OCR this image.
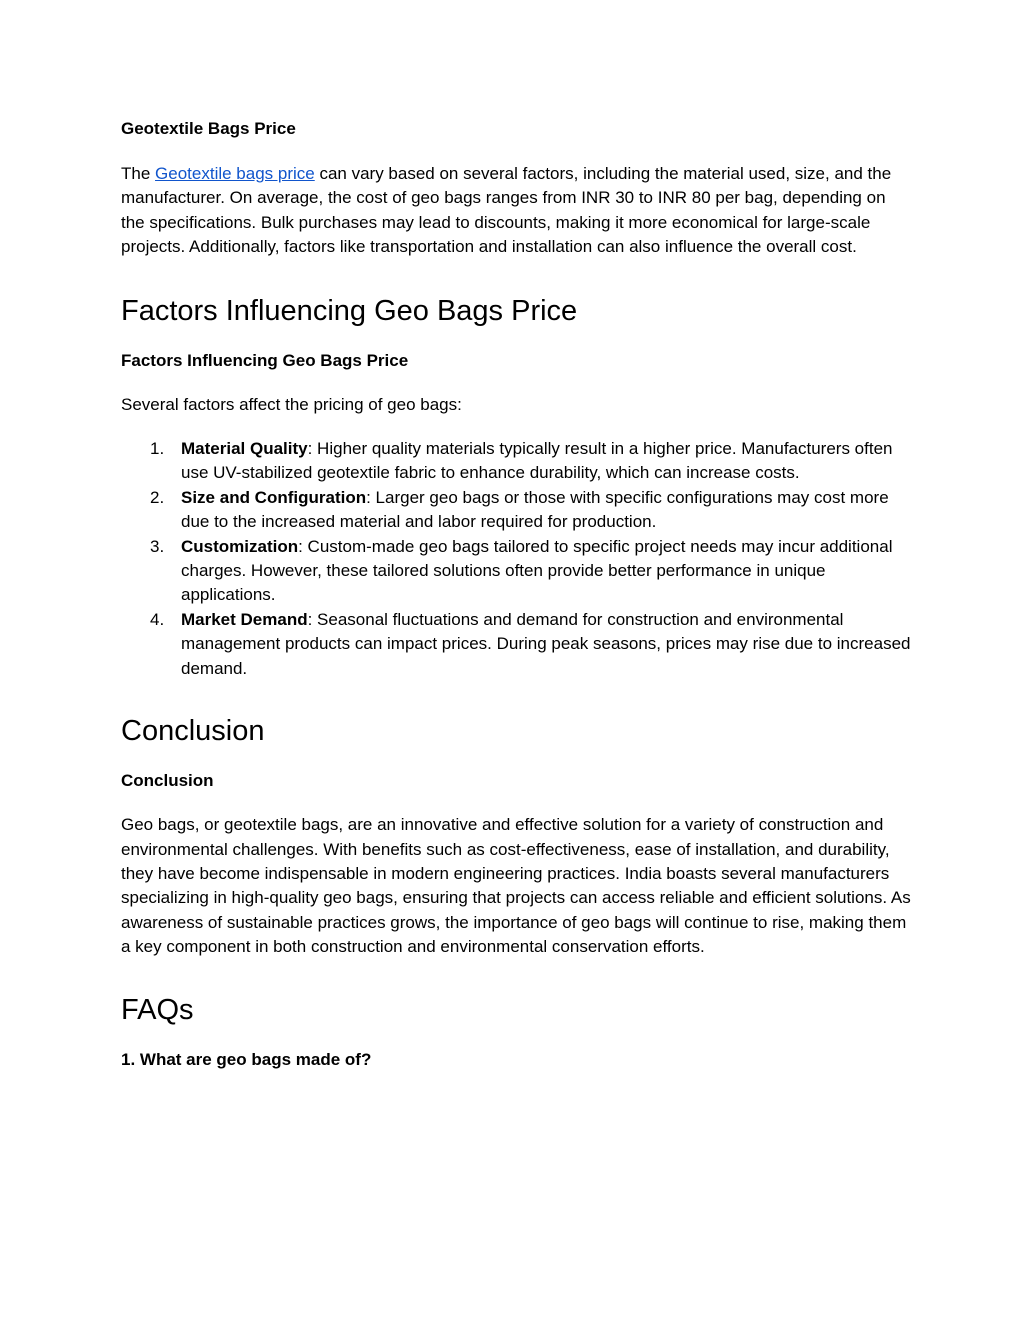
Geotextile Bags Price

The Geotextile bags price can vary based on several factors, including the material used, size, and the manufacturer. On average, the cost of geo bags ranges from INR 30 to INR 80 per bag, depending on the specifications. Bulk purchases may lead to discounts, making it more economical for large-scale projects. Additionally, factors like transportation and installation can also influence the overall cost.

Factors Influencing Geo Bags Price
Factors Influencing Geo Bags Price

Several factors affect the pricing of geo bags:

1. Material Quality: Higher quality materials typically result in a higher price. Manufacturers often use UV-stabilized geotextile fabric to enhance durability, which can increase costs.
2. Size and Configuration: Larger geo bags or those with specific configurations may cost more due to the increased material and labor required for production.
3. Customization: Custom-made geo bags tailored to specific project needs may incur additional charges. However, these tailored solutions often provide better performance in unique applications.
4. Market Demand: Seasonal fluctuations and demand for construction and environmental management products can impact prices. During peak seasons, prices may rise due to increased demand.
Conclusion
Conclusion

Geo bags, or geotextile bags, are an innovative and effective solution for a variety of construction and environmental challenges. With benefits such as cost-effectiveness, ease of installation, and durability, they have become indispensable in modern engineering practices. India boasts several manufacturers specializing in high-quality geo bags, ensuring that projects can access reliable and efficient solutions. As awareness of sustainable practices grows, the importance of geo bags will continue to rise, making them a key component in both construction and environmental conservation efforts.

FAQs
1. What are geo bags made of?
